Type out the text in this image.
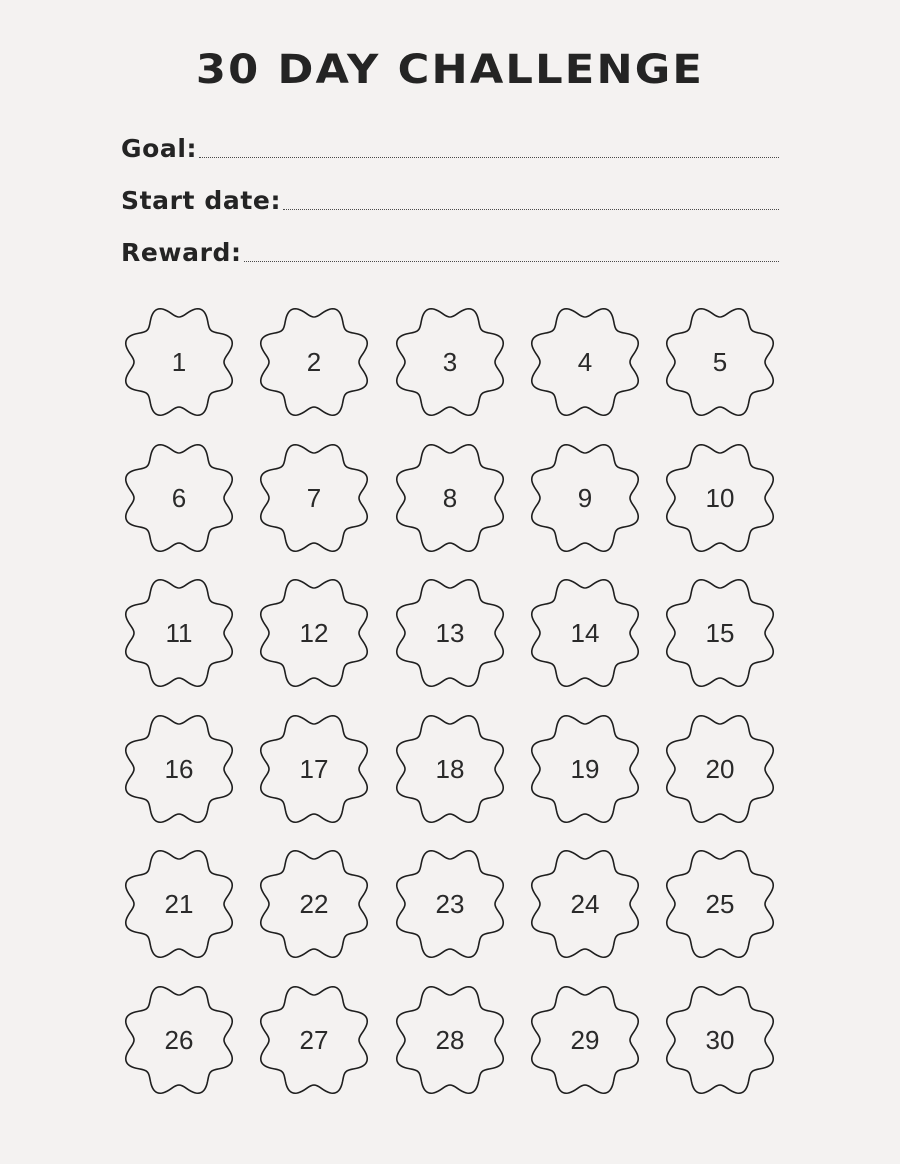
30 DAY CHALLENGE
Goal:
Start date:
Reward:
1	2	3	4	5
6	7	8	9	10
11	12	13	14	15
16	17	18	19	20
21	22	23	24	25
26	27	28	29	30
